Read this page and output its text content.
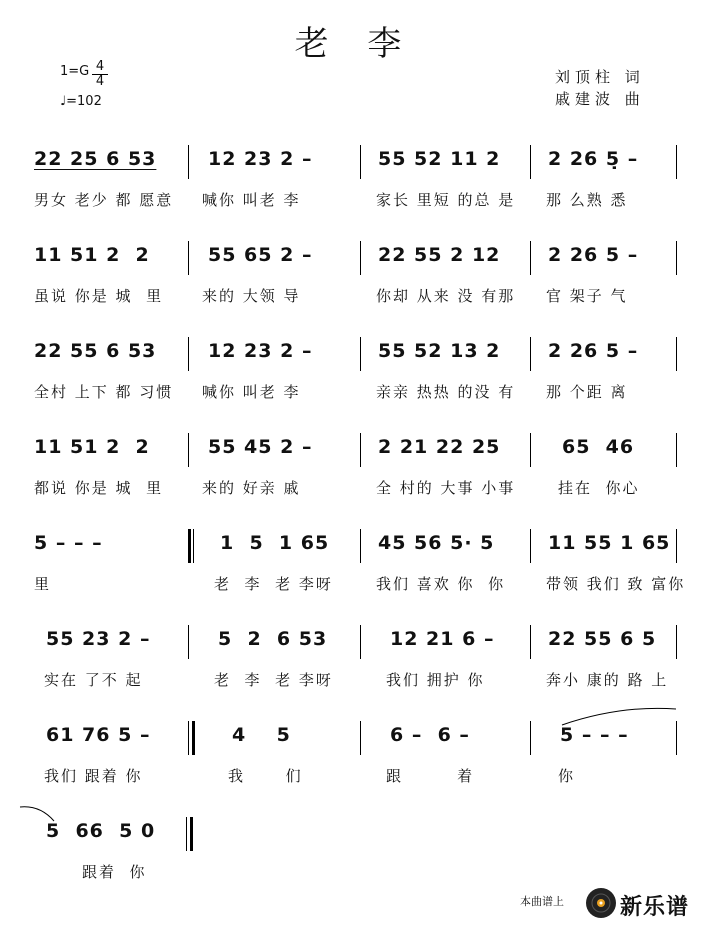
老 李
$1=G \frac{4}{4}$
♩=102
刘顶柱 词
戚建波 曲
22 25 6 53	12 23 2 –	55 52 11 2	2 26 5̣ –
男女 老少 都 愿意 喊你 叫老 李	家长 里短 的总 是 那 么熟 悉
11 51 2  2	55 65 2 –	22 55 2 12	2 26 5 –
虽说 你是 城  里	来的 大领 导	你却 从来 没 有那 官 架子 气
22 55 6 53	12 23 2 –	55 52 13 2	2 26 5 –
全村 上下 都 习惯 喊你 叫老 李	亲亲 热热 的没 有 那 个距 离
11 51 2  2	55 45 2 –	2 21 22 25	65  46
都说 你是 城  里	来的 好亲 戚	全 村的 大事 小事	挂在  你心
5 – – –	1  5  1 65	45 56 5· 5	11 55 1 65
里	老  李  老 李呀	我们 喜欢 你  你	带领 我们 致 富你
55 23 2 –	5  2  6 53	12 21 6 –	22 55 6 5
实在 了不 起	老  李  老 李呀	我们 拥护 你	奔小 康的 路 上
61 76 5 –	4    5	6 –  6 –	5 – – –
我们 跟着 你	我      们	跟        着	你
5  66  5 0
跟着  你
本曲谱上	新乐谱
